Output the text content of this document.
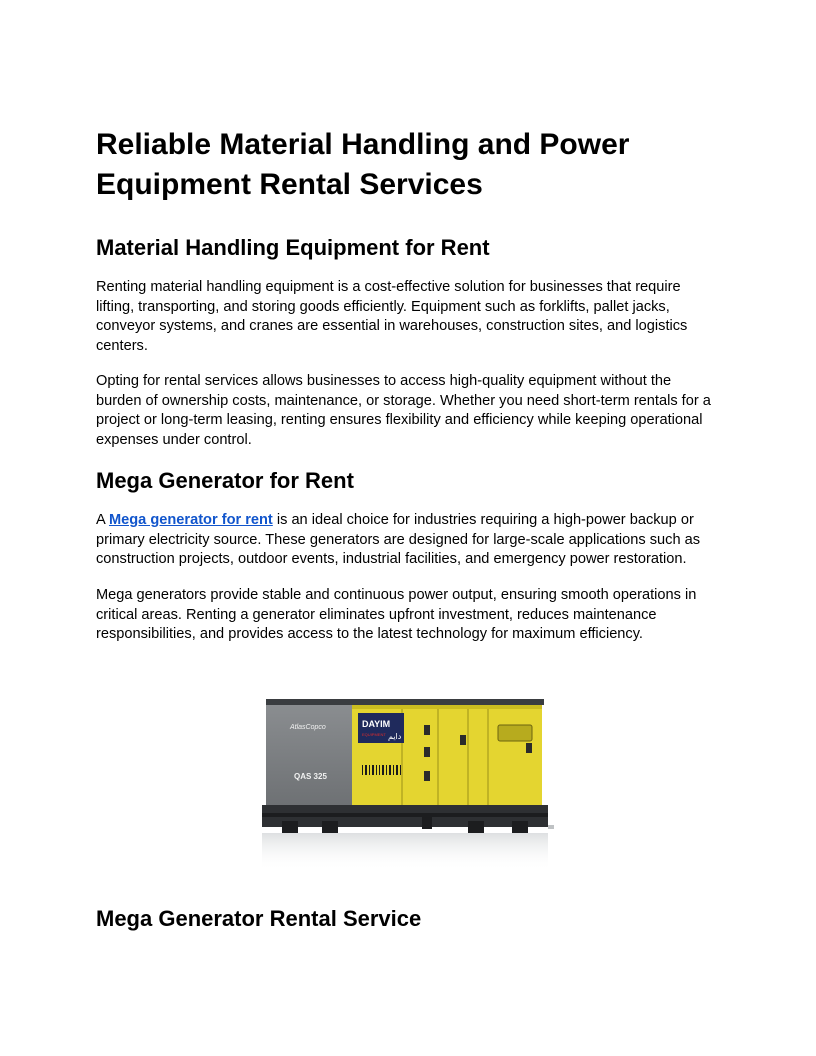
Reliable Material Handling and Power Equipment Rental Services
Material Handling Equipment for Rent

Renting material handling equipment is a cost-effective solution for businesses that require lifting, transporting, and storing goods efficiently. Equipment such as forklifts, pallet jacks, conveyor systems, and cranes are essential in warehouses, construction sites, and logistics centers.

Opting for rental services allows businesses to access high-quality equipment without the burden of ownership costs, maintenance, or storage. Whether you need short-term rentals for a project or long-term leasing, renting ensures flexibility and efficiency while keeping operational expenses under control.

Mega Generator for Rent

A Mega generator for rent is an ideal choice for industries requiring a high-power backup or primary electricity source. These generators are designed for large-scale applications such as construction projects, outdoor events, industrial facilities, and emergency power restoration.

Mega generators provide stable and continuous power output, ensuring smooth operations in critical areas. Renting a generator eliminates upfront investment, reduces maintenance responsibilities, and provides access to the latest technology for maximum efficiency.

Mega Generator Rental Service
DAYIM
EQUIPMENT دايم
AtlasCopco
QAS 325
